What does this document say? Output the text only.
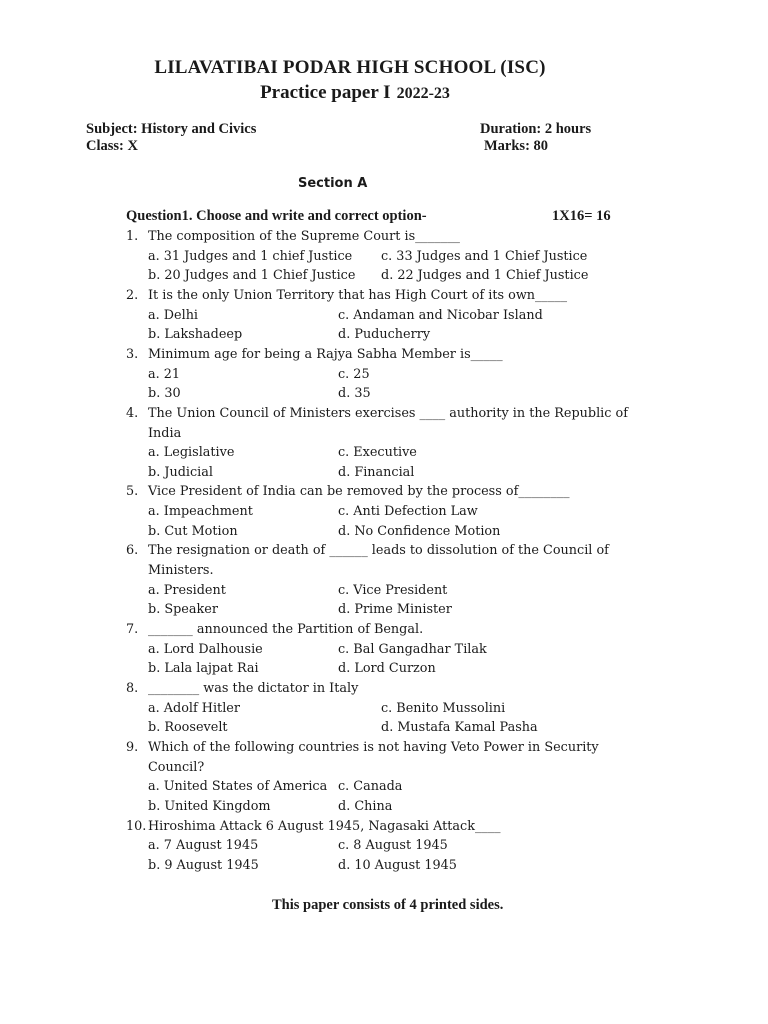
LILAVATIBAI PODAR HIGH SCHOOL (ISC)
Practice paper I 2022-23
Subject: History and Civics
Class: X
Duration: 2 hours
Marks: 80
Section A
Question1. Choose and write and correct option-	1X16= 16
1. The composition of the Supreme Court is_______
a. 31 Judges and 1 chief Justice c. 33 Judges and 1 Chief Justice
b. 20 Judges and 1 Chief Justice d. 22 Judges and 1 Chief Justice
2. It is the only Union Territory that has High Court of its own_____
a. Delhi	c. Andaman and Nicobar Island
b. Lakshadeep	d. Puducherry
3. Minimum age for being a Rajya Sabha Member is_____
a. 21	c. 25
b. 30	d. 35
4. The Union Council of Ministers exercises ____ authority in the Republic of
India
a. Legislative	c. Executive
b. Judicial	d. Financial
5. Vice President of India can be removed by the process of________
a. Impeachment	c. Anti Defection Law
b. Cut Motion	d. No Confidence Motion
6. The resignation or death of ______ leads to dissolution of the Council of
Ministers.
a. President	c. Vice President
b. Speaker	d. Prime Minister
7. _______ announced the Partition of Bengal.
a. Lord Dalhousie	c. Bal Gangadhar Tilak
b. Lala lajpat Rai	d. Lord Curzon
8. ________ was the dictator in Italy
a. Adolf Hitler	c. Benito Mussolini
b. Roosevelt	d. Mustafa Kamal Pasha
9. Which of the following countries is not having Veto Power in Security
Council?
a. United States of America c. Canada
b. United Kingdom	d. China
10. Hiroshima Attack 6 August 1945, Nagasaki Attack____
a. 7 August 1945	c. 8 August 1945
b. 9 August 1945	d. 10 August 1945
This paper consists of 4 printed sides.
